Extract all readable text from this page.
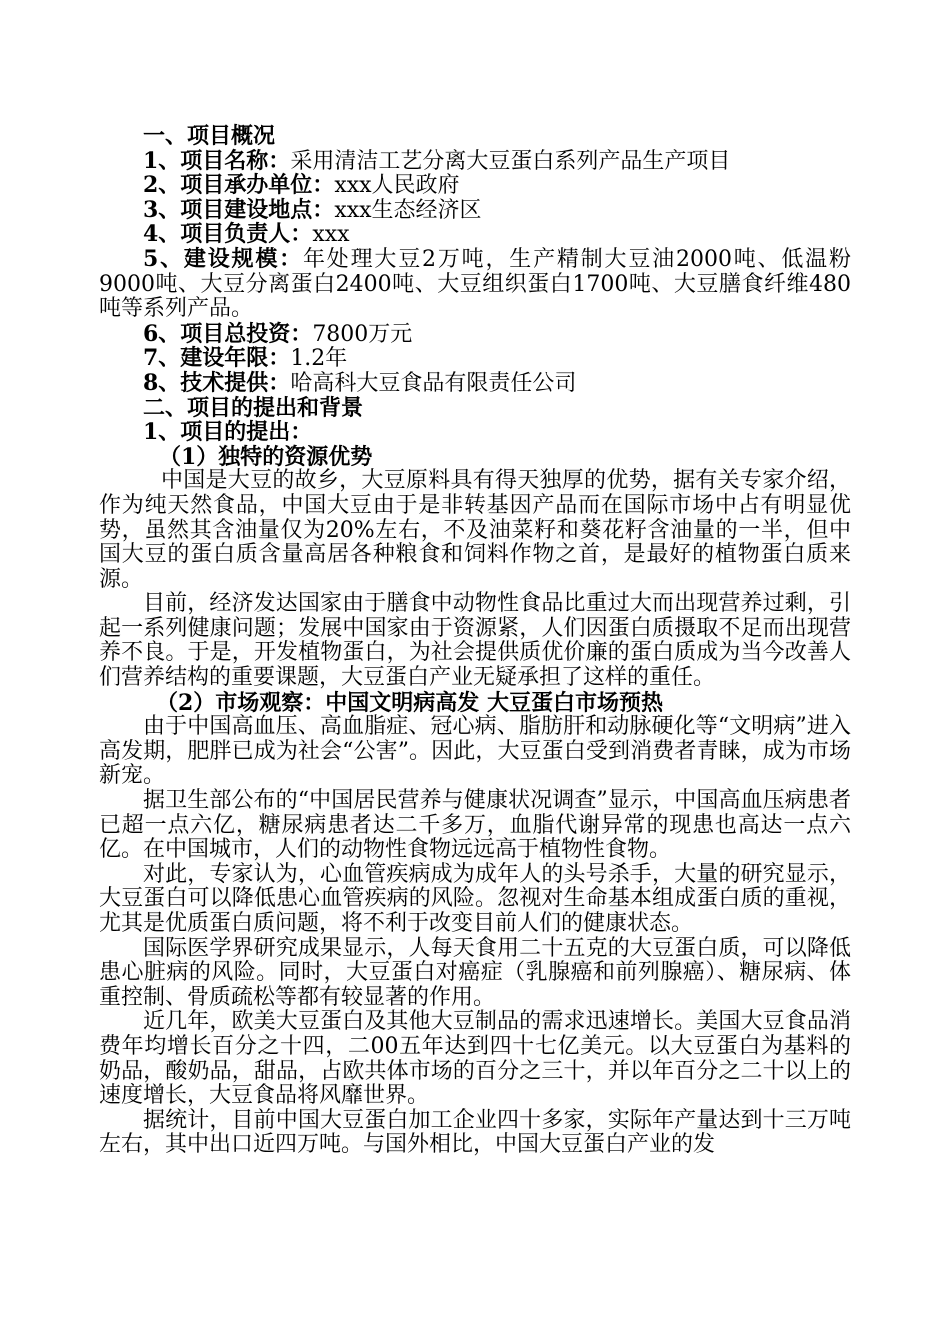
一、项目概况
1、项目名称：采用清洁工艺分离大豆蛋白系列产品生产项目
2、项目承办单位：xxx人民政府
3、项目建设地点：xxx生态经济区
4、项目负责人：xxx
5、建设规模：年处理大豆2万吨，生产精制大豆油2000吨、低温粉9000吨、大豆分离蛋白2400吨、大豆组织蛋白1700吨、大豆膳食纤维480吨等系列产品。
6、项目总投资：7800万元
7、建设年限：1.2年
8、技术提供：哈高科大豆食品有限责任公司
二、项目的提出和背景
1、项目的提出：
（1）独特的资源优势
中国是大豆的故乡，大豆原料具有得天独厚的优势，据有关专家介绍，作为纯天然食品，中国大豆由于是非转基因产品而在国际市场中占有明显优势，虽然其含油量仅为20%左右，不及油菜籽和葵花籽含油量的一半，但中国大豆的蛋白质含量高居各种粮食和饲料作物之首，是最好的植物蛋白质来源。
目前，经济发达国家由于膳食中动物性食品比重过大而出现营养过剩，引起一系列健康问题；发展中国家由于资源紧，人们因蛋白质摄取不足而出现营养不良。于是，开发植物蛋白，为社会提供质优价廉的蛋白质成为当今改善人们营养结构的重要课题，大豆蛋白产业无疑承担了这样的重任。
（2）市场观察：中国文明病高发 大豆蛋白市场预热
由于中国高血压、高血脂症、冠心病、脂肪肝和动脉硬化等“文明病”进入高发期，肥胖已成为社会“公害”。因此，大豆蛋白受到消费者青睐，成为市场新宠。
据卫生部公布的“中国居民营养与健康状况调查”显示，中国高血压病患者已超一点六亿，糖尿病患者达二千多万，血脂代谢异常的现患也高达一点六亿。在中国城市，人们的动物性食物远远高于植物性食物。
对此，专家认为，心血管疾病成为成年人的头号杀手，大量的研究显示，大豆蛋白可以降低患心血管疾病的风险。忽视对生命基本组成蛋白质的重视，尤其是优质蛋白质问题，将不利于改变目前人们的健康状态。
国际医学界研究成果显示，人每天食用二十五克的大豆蛋白质，可以降低患心脏病的风险。同时，大豆蛋白对癌症（乳腺癌和前列腺癌）、糖尿病、体重控制、骨质疏松等都有较显著的作用。
近几年，欧美大豆蛋白及其他大豆制品的需求迅速增长。美国大豆食品消费年均增长百分之十四，二00五年达到四十七亿美元。以大豆蛋白为基料的奶品，酸奶品，甜品，占欧共体市场的百分之三十，并以年百分之二十以上的速度增长，大豆食品将风靡世界。
据统计，目前中国大豆蛋白加工企业四十多家，实际年产量达到十三万吨左右，其中出口近四万吨。与国外相比，中国大豆蛋白产业的发
